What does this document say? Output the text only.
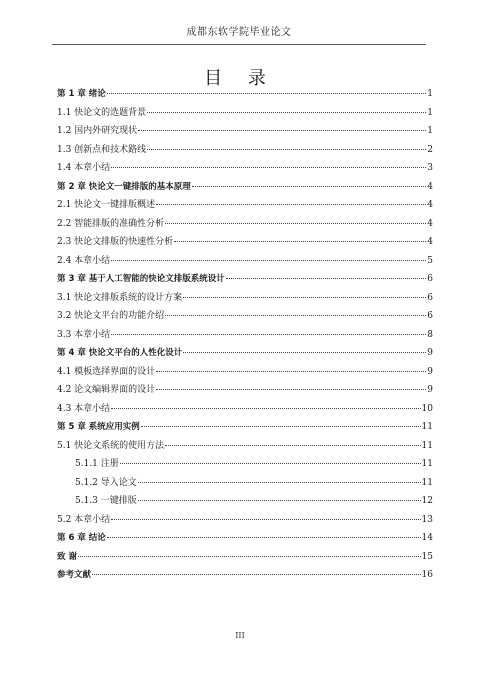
成都东软学院毕业论文
目 录
第 1 章 绪论	1
1.1 快论文的选题背景	1
1.2 国内外研究现状	1
1.3 创新点和技术路线	2
1.4 本章小结	3
第 2 章 快论文一键排版的基本原理	4
2.1 快论文一键排版概述	4
2.2 智能排版的准确性分析	4
2.3 快论文排版的快速性分析	4
2.4 本章小结	5
第 3 章 基于人工智能的快论文排版系统设计	6
3.1 快论文排版系统的设计方案	6
3.2 快论文平台的功能介绍	6
3.3 本章小结	8
第 4 章 快论文平台的人性化设计	9
4.1 模板选择界面的设计	9
4.2 论文编辑界面的设计	9
4.3 本章小结	10
第 5 章 系统应用实例	11
5.1 快论文系统的使用方法	11
5.1.1 注册	11
5.1.2 导入论文	11
5.1.3 一键排版	12
5.2 本章小结	13
第 6 章 结论	14
致 谢	15
参考文献	16
III
